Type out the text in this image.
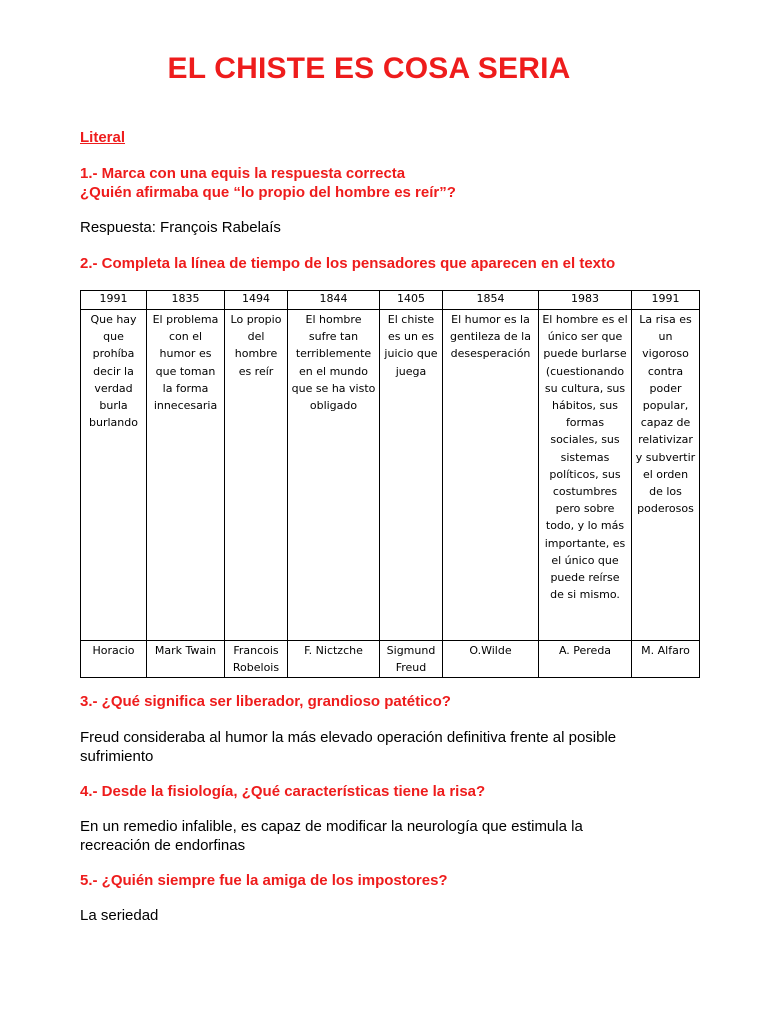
EL CHISTE ES COSA SERIA
Literal
1.- Marca con una equis la respuesta correcta
¿Quién afirmaba que “lo propio del hombre es reír”?
Respuesta: François Rabelaís
2.- Completa la línea de tiempo de los pensadores que aparecen en el texto
1991	1835	1494	1844	1405	1854	1983	1991
Que hay que prohíba decir la verdad burla burlando	El problema con el humor es que toman la forma innecesaria	Lo propio del hombre es reír	El hombre sufre tan terriblemente en el mundo que se ha visto obligado	El chiste es un es juicio que juega	El humor es la gentileza de la desesperación	El hombre es el único ser que puede burlarse (cuestionando su cultura, sus hábitos, sus formas sociales, sus sistemas políticos, sus costumbres pero sobre todo, y lo más importante, es el único que puede reírse de si mismo.	La risa es un vigoroso contra poder popular, capaz de relativizar y subvertir el orden de los poderosos
Horacio	Mark Twain	Francois Robelois	F. Nictzche	Sigmund Freud	O.Wilde	A. Pereda	M. Alfaro
3.- ¿Qué significa ser liberador, grandioso patético?
Freud consideraba al humor la más elevado operación definitiva frente al posible sufrimiento
4.- Desde la fisiología, ¿Qué características tiene la risa?
En un remedio infalible, es capaz de modificar la neurología que estimula la recreación de endorfinas
5.- ¿Quién siempre fue la amiga de los impostores?
La seriedad
